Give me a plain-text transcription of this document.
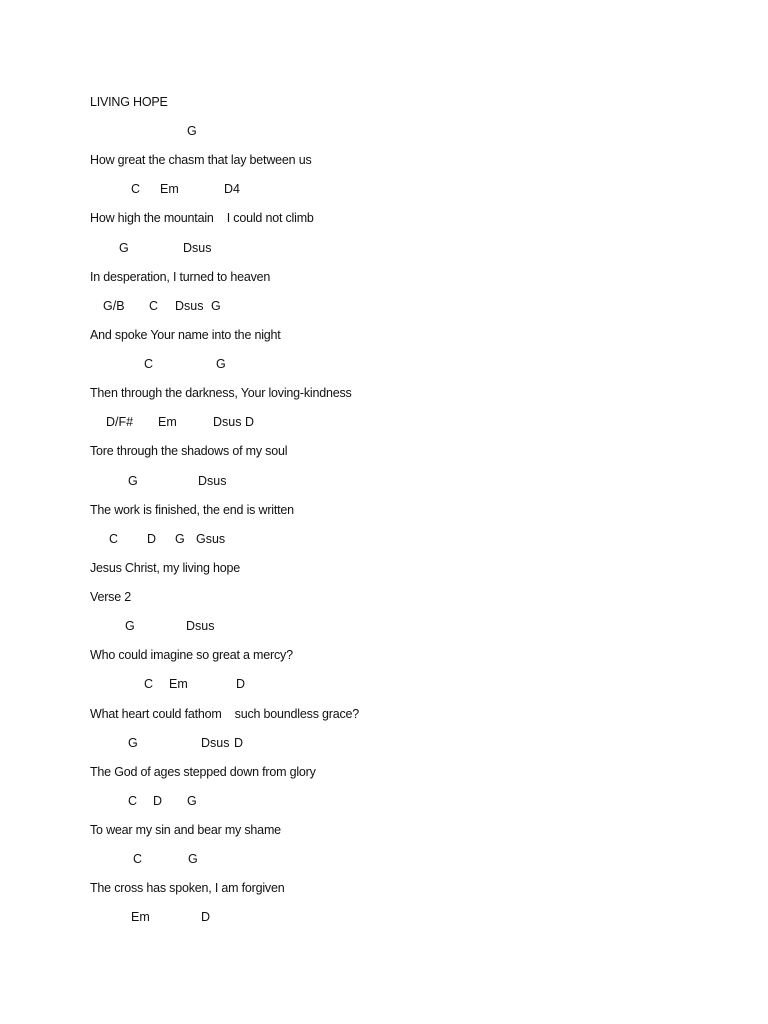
LIVING HOPE
G
How great the chasm that lay between us
C Em	D4
How high the mountain    I could not climb
G	Dsus
In desperation, I turned to heaven
G/B C Dsus G
And spoke Your name into the night
C	G
Then through the darkness, Your loving-kindness
D/F# Em	Dsus D
Tore through the shadows of my soul
G	Dsus
The work is finished, the end is written
C D G Gsus
Jesus Christ, my living hope
Verse 2
G	Dsus
Who could imagine so great a mercy?
C Em	D
What heart could fathom    such boundless grace?
G	Dsus D
The God of ages stepped down from glory
C D G
To wear my sin and bear my shame
C	G
The cross has spoken, I am forgiven
Em	D
